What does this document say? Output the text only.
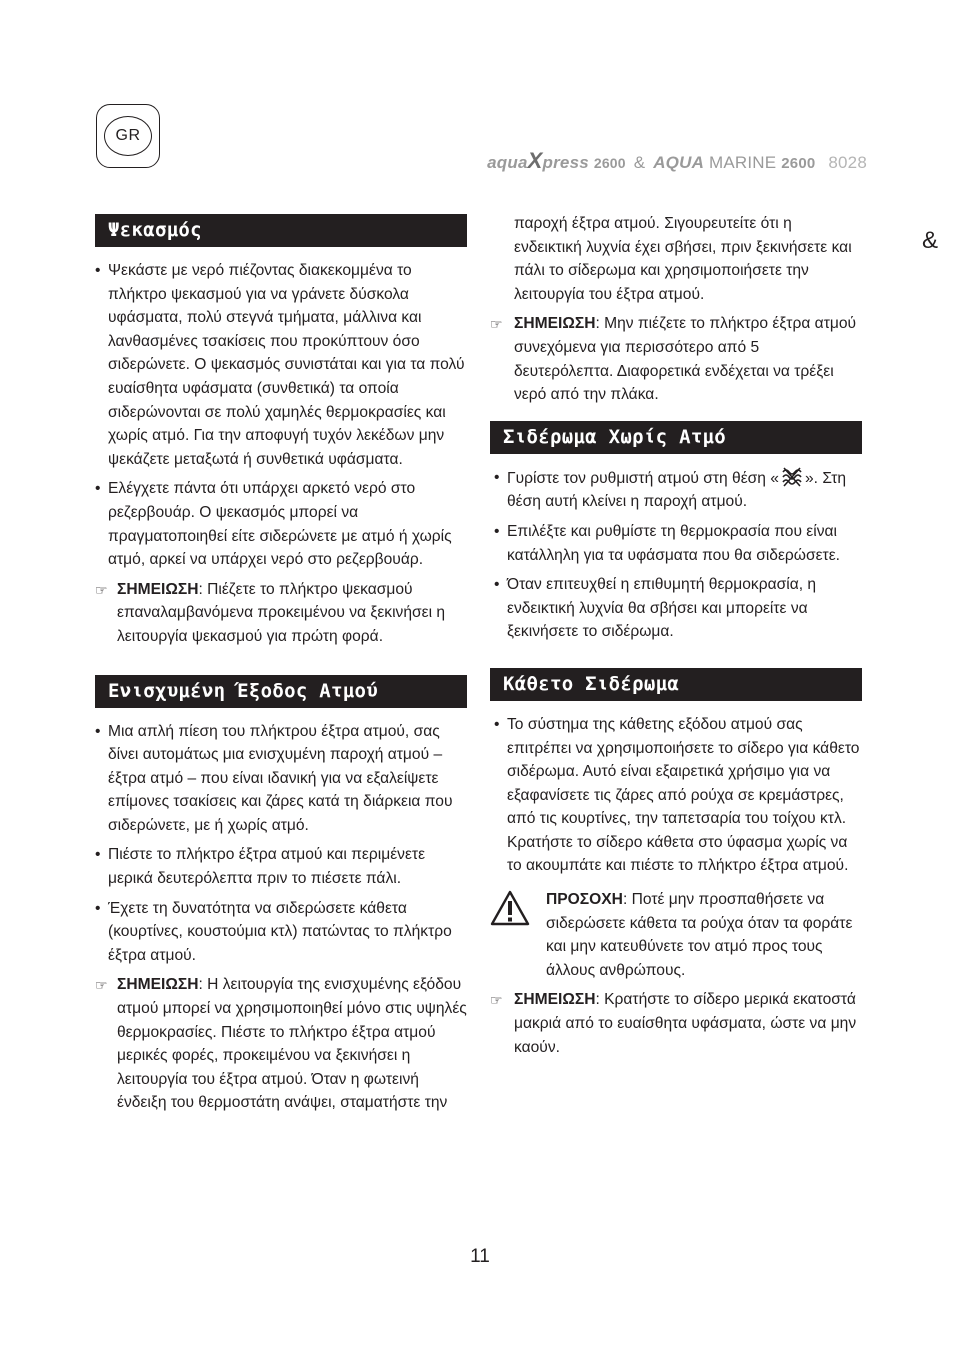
GR
aquaXpress 2600 & AQUA MARINE 2600 8028
&
Ψεκασμός

• Ψεκάστε με νερό πιέζοντας διακεκομμένα το πλήκτρο ψεκασμού για να γράνετε δύσκολα υφάσματα, πολύ στεγνά τμήματα, μάλλινα και λανθασμένες τσακίσεις που προκύπτουν όσο σιδερώνετε. Ο ψεκασμός συνιστάται και για τα πολύ ευαίσθητα υφάσματα (συνθετικά) τα οποία σιδερώνονται σε πολύ χαμηλές θερμοκρασίες και χωρίς ατμό. Για την αποφυγή τυχόν λεκέδων μην ψεκάζετε μεταξωτά ή συνθετικά υφάσματα.

• Ελέγχετε πάντα ότι υπάρχει αρκετό νερό στο ρεζερβουάρ. Ο ψεκασμός μπορεί να πραγματοποιηθεί είτε σιδερώνετε με ατμό ή χωρίς ατμό, αρκεί να υπάρχει νερό στο ρεζερβουάρ.

☞ ΣΗΜΕΙΩΣΗ: Πιέζετε το πλήκτρο ψεκασμού επαναλαμβανόμενα προκειμένου να ξεκινήσει η λειτουργία ψεκασμού για πρώτη φορά.

Ενισχυμένη Έξοδος Ατμού

• Μια απλή πίεση του πλήκτρου έξτρα ατμού, σας δίνει αυτομάτως μια ενισχυμένη παροχή ατμού – έξτρα ατμό – που είναι ιδανική για να εξαλείψετε επίμονες τσακίσεις και ζάρες κατά τη διάρκεια που σιδερώνετε, με ή χωρίς ατμό.

• Πιέστε το πλήκτρο έξτρα ατμού και περιμένετε μερικά δευτερόλεπτα πριν το πιέσετε πάλι.

• Έχετε τη δυνατότητα να σιδερώσετε κάθετα (κουρτίνες, κουστούμια κτλ) πατώντας το πλήκτρο έξτρα ατμού.

☞ ΣΗΜΕΙΩΣΗ: Η λειτουργία της ενισχυμένης εξόδου ατμού μπορεί να χρησιμοποιηθεί μόνο στις υψηλές θερμοκρασίες. Πιέστε το πλήκτρο έξτρα ατμού μερικές φορές, προκειμένου να ξεκινήσει η λειτουργία του έξτρα ατμού. Όταν η φωτεινή ένδειξη του θερμοστάτη ανάψει, σταματήστε την

παροχή έξτρα ατμού. Σιγουρευτείτε ότι η ενδεικτική λυχνία έχει σβήσει, πριν ξεκινήσετε και πάλι το σίδερωμα και χρησιμοποιήσετε την λειτουργία του έξτρα ατμού.

☞ ΣΗΜΕΙΩΣΗ: Μην πιέζετε το πλήκτρο έξτρα ατμού συνεχόμενα για περισσότερο από 5 δευτερόλεπτα. Διαφορετικά ενδέχεται να τρέξει νερό από την πλάκα.

Σιδέρωμα Χωρίς Ατμό

• Γυρίστε τον ρυθμιστή ατμού στη θέση « ». Στη θέση αυτή κλείνει η παροχή ατμού.

• Επιλέξτε και ρυθμίστε τη θερμοκρασία που είναι κατάλληλη για τα υφάσματα που θα σιδερώσετε.

• Όταν επιτευχθεί η επιθυμητή θερμοκρασία, η ενδεικτική λυχνία θα σβήσει και μπορείτε να ξεκινήσετε το σιδέρωμα.

Κάθετο Σιδέρωμα

• Το σύστημα της κάθετης εξόδου ατμού σας επιτρέπει να χρησιμοποιήσετε το σίδερο για κάθετο σιδέρωμα. Αυτό είναι εξαιρετικά χρήσιμο για να εξαφανίσετε τις ζάρες από ρούχα σε κρεμάστρες, από τις κουρτίνες, την ταπετσαρία του τοίχου κτλ. Κρατήστε το σίδερο κάθετα στο ύφασμα χωρίς να το ακουμπάτε και πιέστε το πλήκτρο έξτρα ατμού.

ΠΡΟΣΟΧΗ: Ποτέ μην προσπαθήσετε να σιδερώσετε κάθετα τα ρούχα όταν τα φοράτε και μην κατευθύνετε τον ατμό προς τους άλλους ανθρώπους.

☞ ΣΗΜΕΙΩΣΗ: Κρατήστε το σίδερο μερικά εκατοστά μακριά από το ευαίσθητα υφάσματα, ώστε να μην καούν.

11
